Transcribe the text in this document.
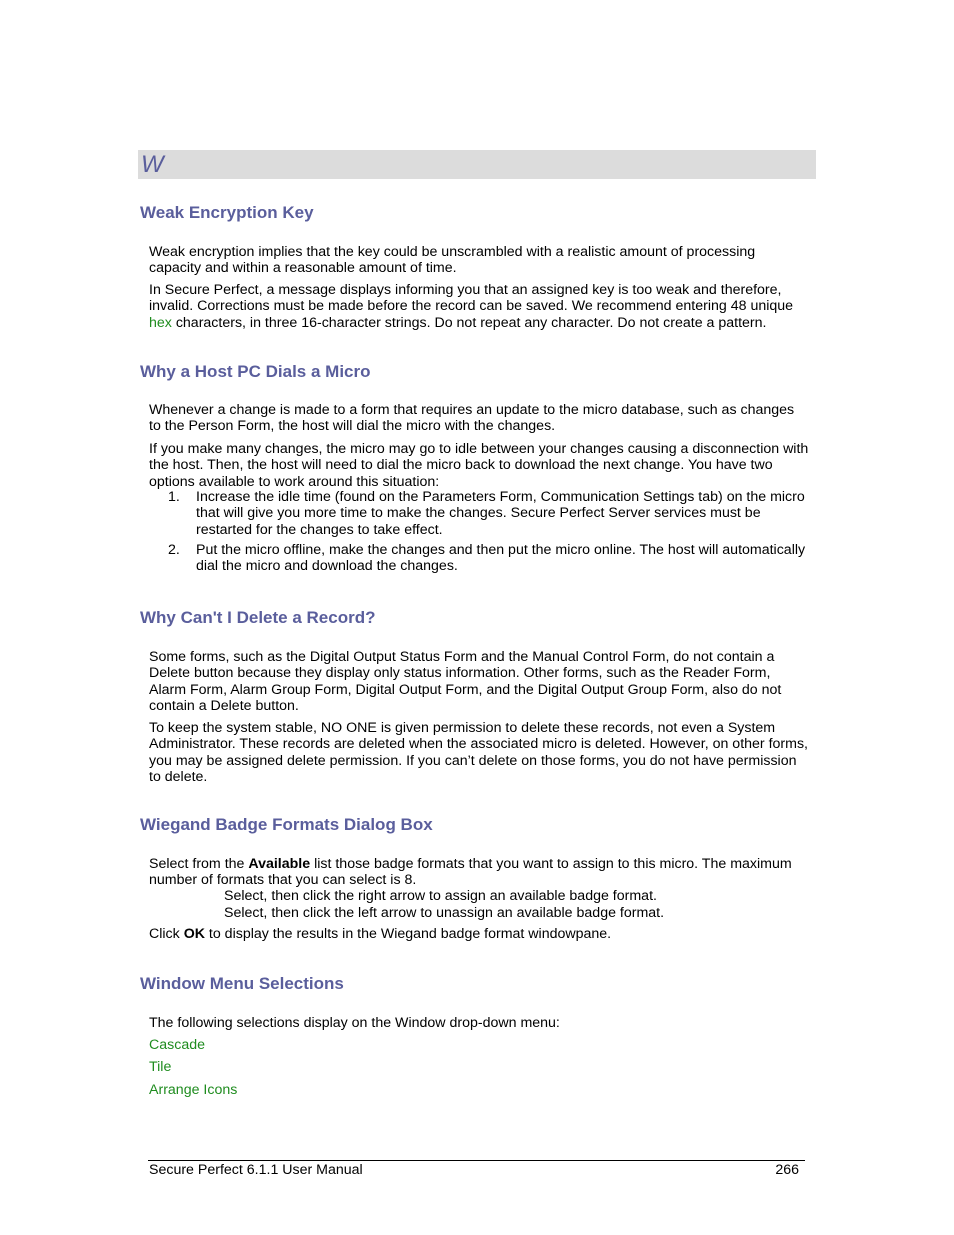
W
Weak Encryption Key
Weak encryption implies that the key could be unscrambled with a realistic amount of processing capacity and within a reasonable amount of time.
In Secure Perfect, a message displays informing you that an assigned key is too weak and therefore, invalid. Corrections must be made before the record can be saved. We recommend entering 48 unique hex characters, in three 16-character strings. Do not repeat any character. Do not create a pattern.
Why a Host PC Dials a Micro
Whenever a change is made to a form that requires an update to the micro database, such as changes to the Person Form, the host will dial the micro with the changes.
If you make many changes, the micro may go to idle between your changes causing a disconnection with the host. Then, the host will need to dial the micro back to download the next change. You have two options available to work around this situation:
1. Increase the idle time (found on the Parameters Form, Communication Settings tab) on the micro that will give you more time to make the changes. Secure Perfect Server services must be restarted for the changes to take effect.
2. Put the micro offline, make the changes and then put the micro online. The host will automatically dial the micro and download the changes.
Why Can't I Delete a Record?
Some forms, such as the Digital Output Status Form and the Manual Control Form, do not contain a Delete button because they display only status information. Other forms, such as the Reader Form, Alarm Form, Alarm Group Form, Digital Output Form, and the Digital Output Group Form, also do not contain a Delete button.
To keep the system stable, NO ONE is given permission to delete these records, not even a System Administrator. These records are deleted when the associated micro is deleted. However, on other forms, you may be assigned delete permission. If you can’t delete on those forms, you do not have permission to delete.
Wiegand Badge Formats Dialog Box
Select from the Available list those badge formats that you want to assign to this micro. The maximum number of formats that you can select is 8.
Select, then click the right arrow to assign an available badge format.
Select, then click the left arrow to unassign an available badge format.
Click OK to display the results in the Wiegand badge format windowpane.
Window Menu Selections
The following selections display on the Window drop-down menu:
Cascade
Tile
Arrange Icons
Secure Perfect 6.1.1 User Manual	266
